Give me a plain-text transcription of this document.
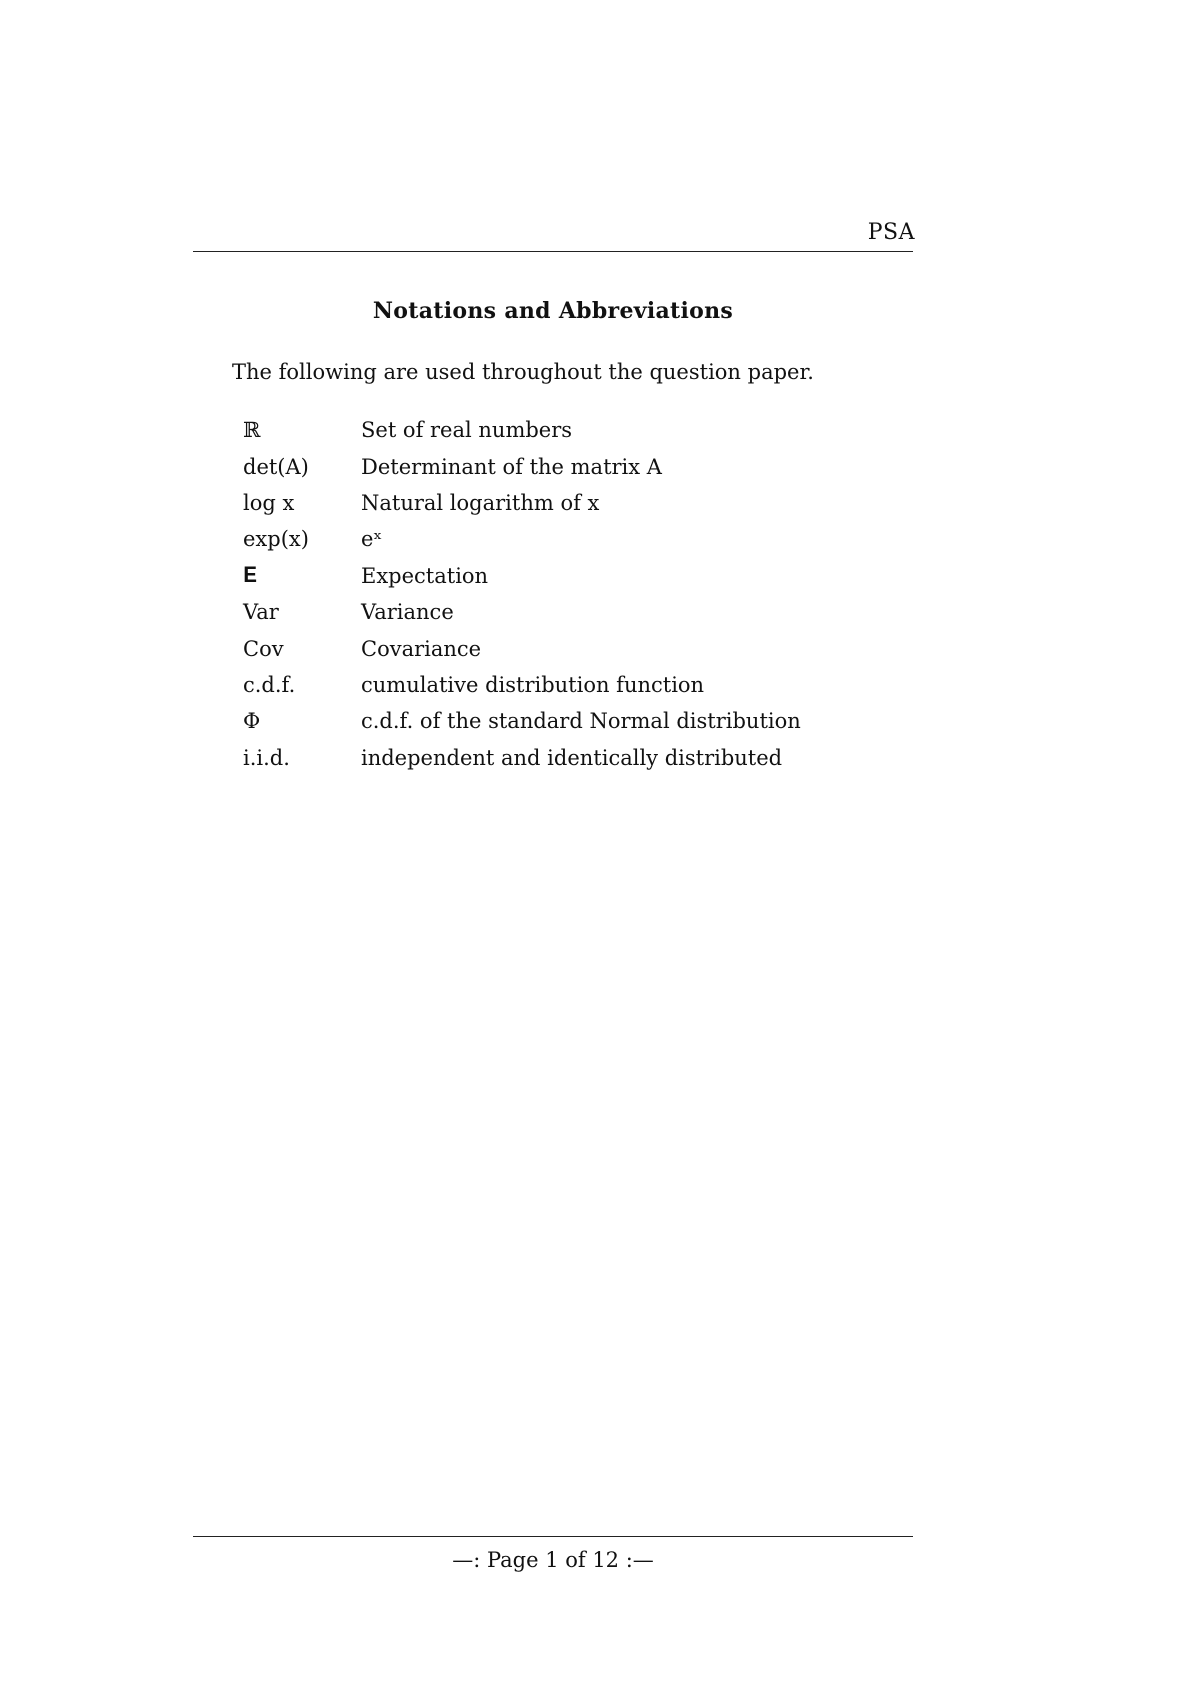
PSA
Notations and Abbreviations
The following are used throughout the question paper.
ℝ	Set of real numbers
det(A)	Determinant of the matrix A
log x	Natural logarithm of x
exp(x)	eˣ
𝐄	Expectation
Var	Variance
Cov	Covariance
c.d.f.	cumulative distribution function
Φ	c.d.f. of the standard Normal distribution
i.i.d.	independent and identically distributed
—: Page 1 of 12 :—
